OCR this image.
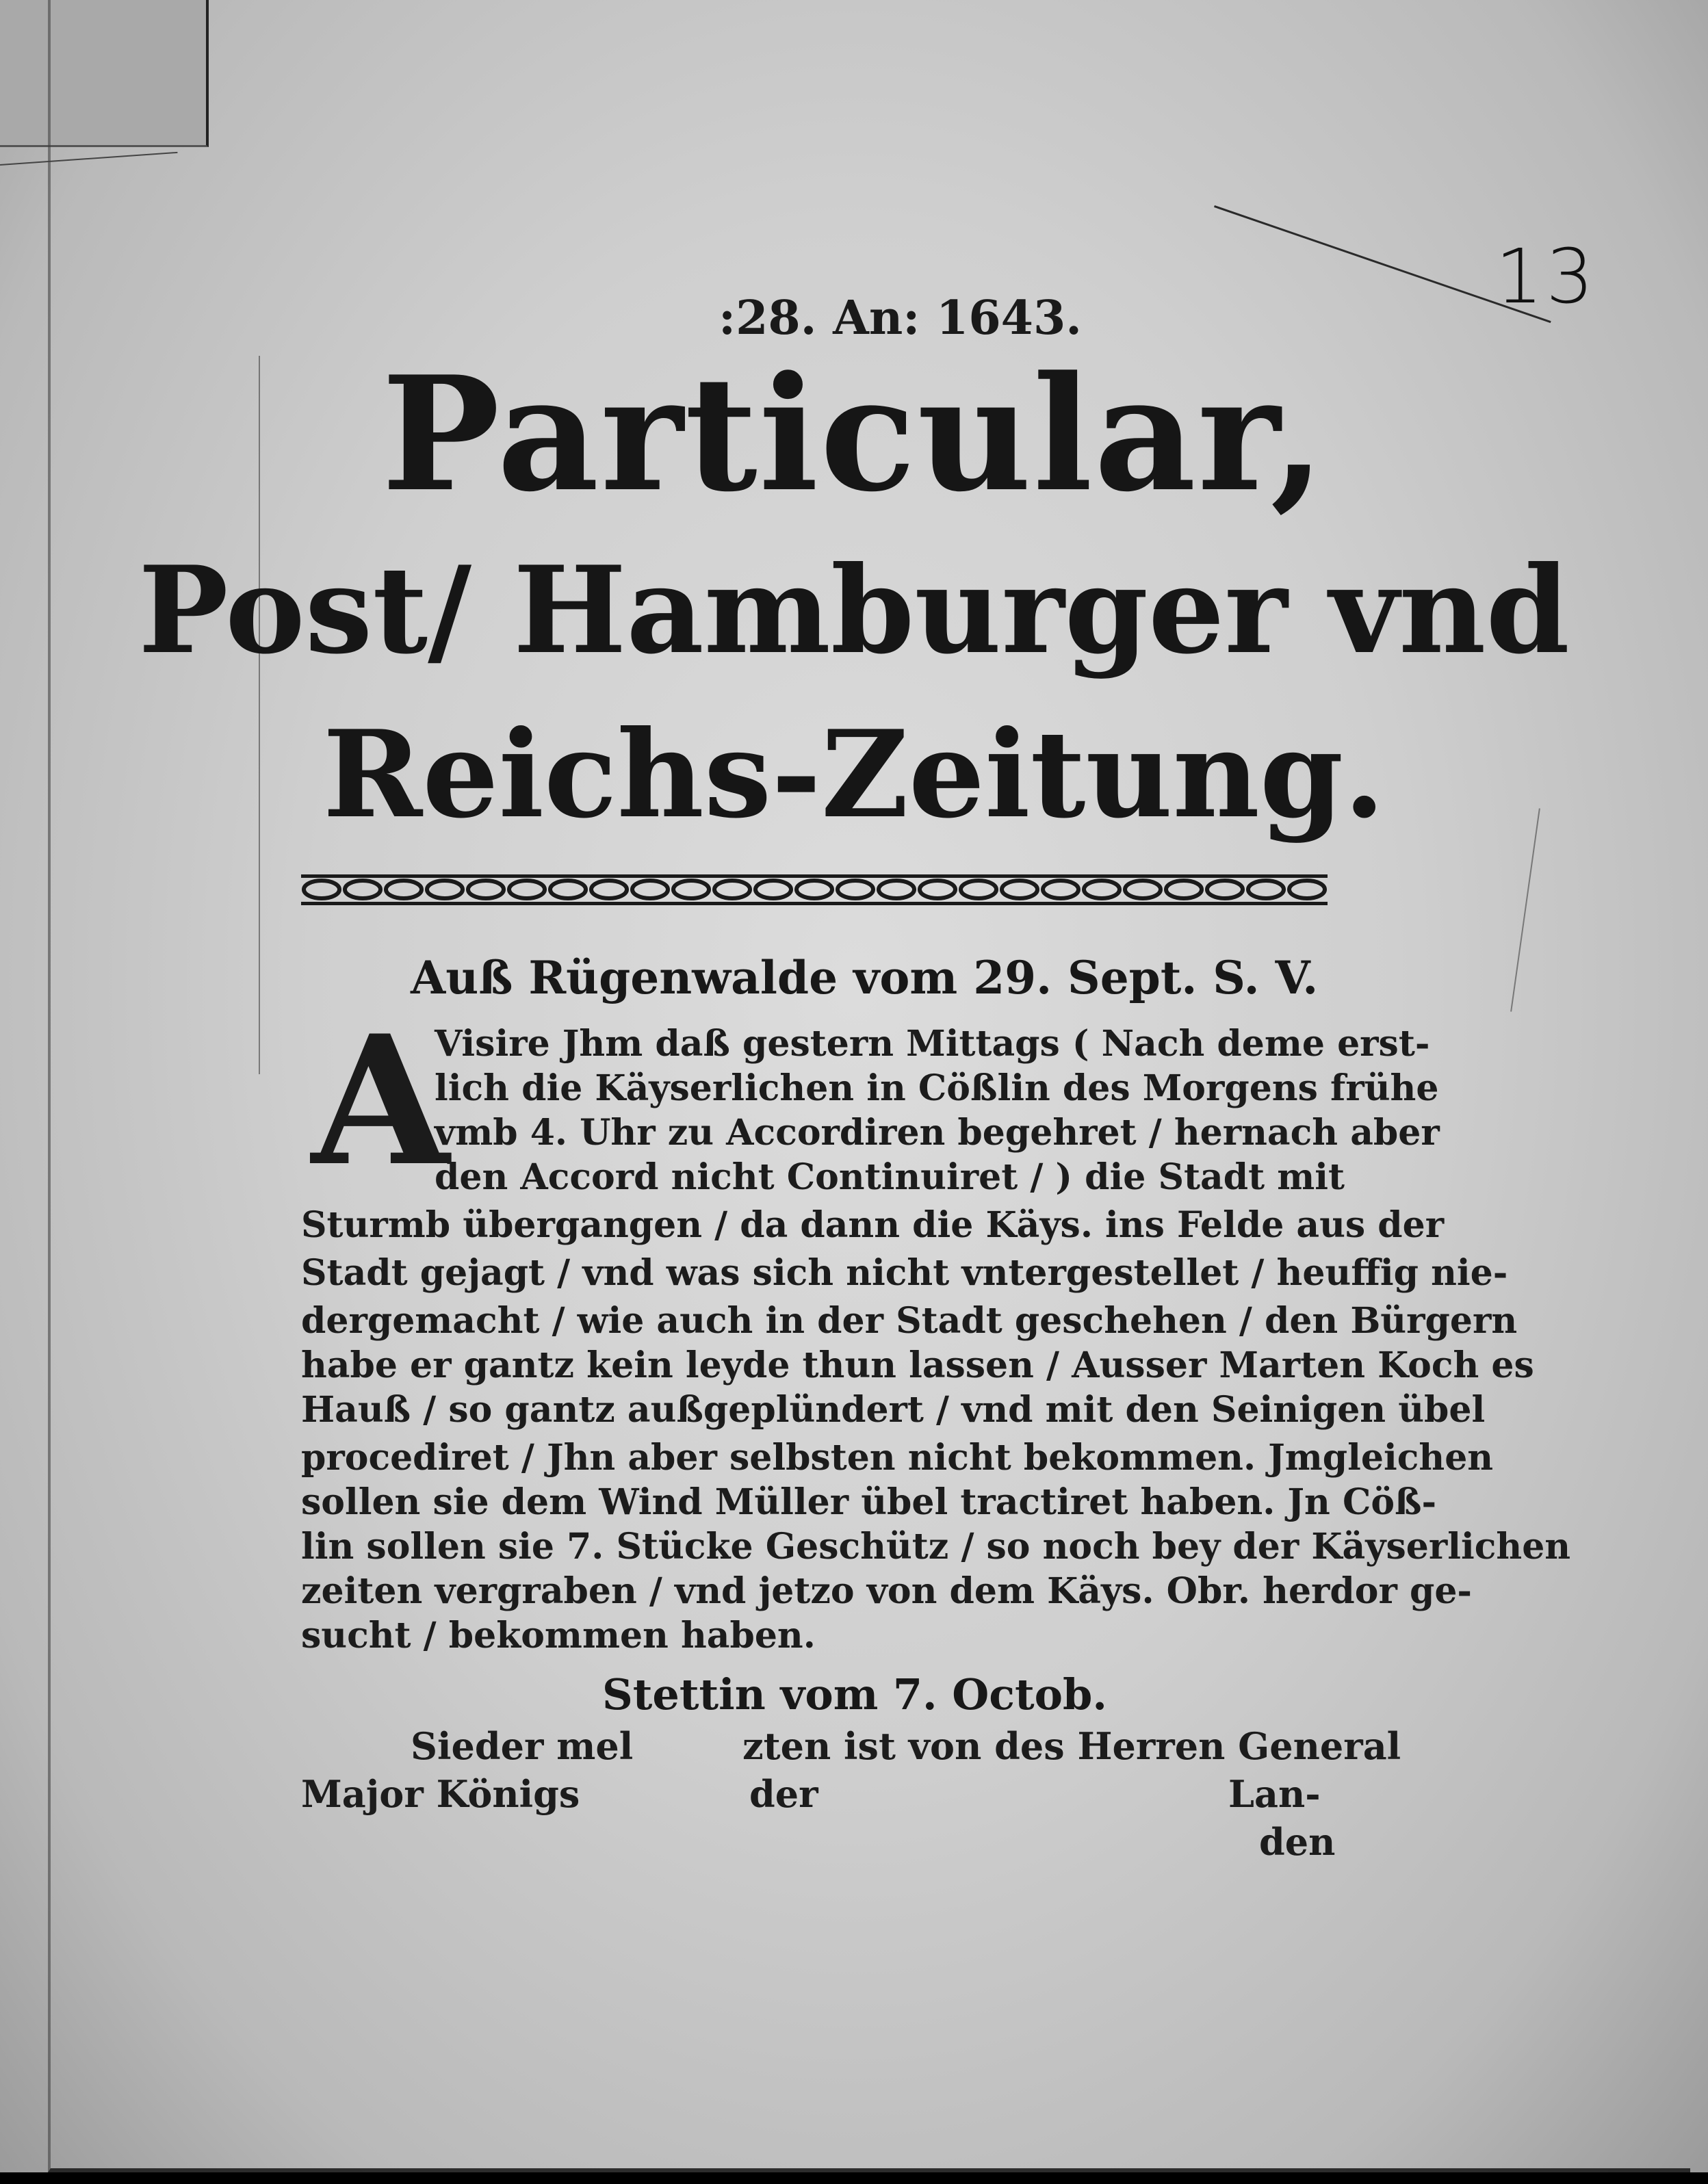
13
:28. An: 1643.
Particular,
Post/ Hamburger vnd
Reichs-Zeitung.
Auß Rügenwalde vom 29. Sept. S. V.
A
Visire Jhm daß gestern Mittags ( Nach deme erst-
lich die Käyserlichen in Cößlin des Morgens frühe
vmb 4. Uhr zu Accordiren begehret / hernach aber
den Accord nicht Continuiret / ) die Stadt mit
Sturmb übergangen / da dann die Käys. ins Felde aus der
Stadt gejagt / vnd was sich nicht vntergestellet / heuffig nie-
dergemacht / wie auch in der Stadt geschehen / den Bürgern
habe er gantz kein leyde thun lassen / Ausser Marten Koch es
Hauß / so gantz außgeplündert / vnd mit den Seinigen übel
procediret / Jhn aber selbsten nicht bekommen. Jmgleichen
sollen sie dem Wind Müller übel tractiret haben. Jn Cöß-
lin sollen sie 7. Stücke Geschütz / so noch bey der Käyserlichen
zeiten vergraben / vnd jetzo von dem Käys. Obr. herdor ge-
sucht / bekommen haben.
Stettin vom 7. Octob.
Sieder mel	zten ist von des Herren General
Major Königs	der	Lan-
den
